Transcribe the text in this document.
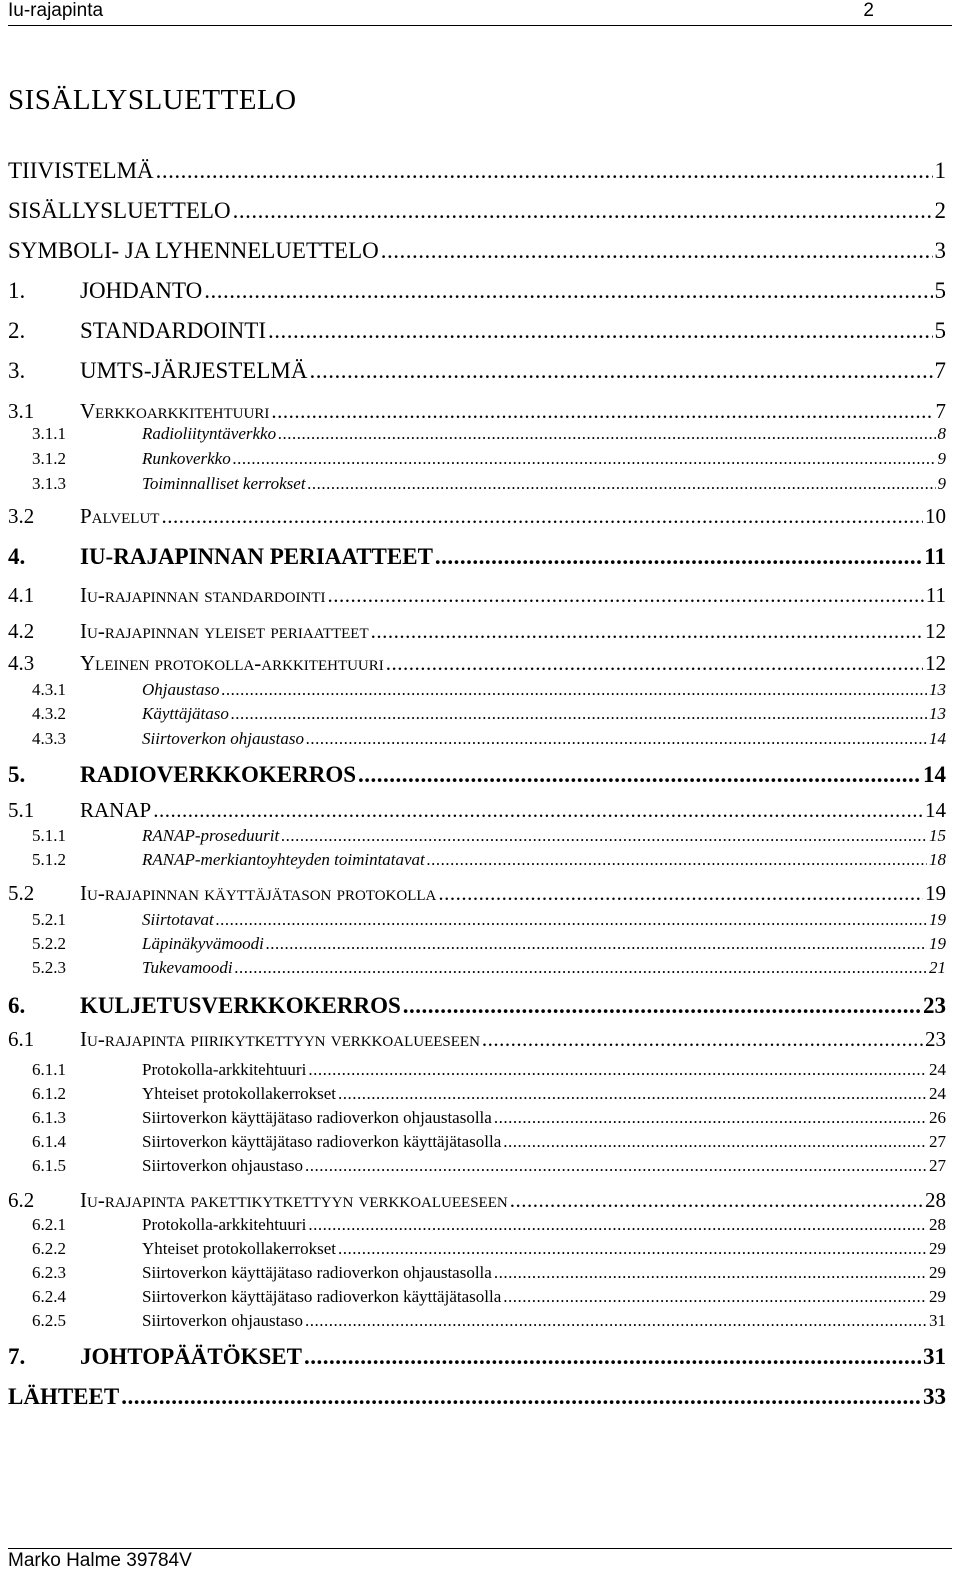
Iu-rajapinta	2
SISÄLLYSLUETTELO
TIIVISTELMÄ .....	1
SISÄLLYSLUETTELO .....	2
SYMBOLI- JA LYHENNELUETTELO .....	3
1.	JOHDANTO .....	5
2.	STANDARDOINTI .....	5
3.	UMTS-JÄRJESTELMÄ .....	7
3.1	Verkkoarkkitehtuuri .....	7
3.1.1	Radioliityntäverkko .....	8
3.1.2	Runkoverkko .....	9
3.1.3	Toiminnalliset kerrokset .....	9
3.2	Palvelut .....	10
4.	IU-RAJAPINNAN PERIAATTEET .....	11
4.1	Iu-rajapinnan standardointi .....	11
4.2	Iu-rajapinnan yleiset periaatteet .....	12
4.3	Yleinen protokolla-arkkitehtuuri .....	12
4.3.1	Ohjaustaso .....	13
4.3.2	Käyttäjätaso .....	13
4.3.3	Siirtoverkon ohjaustaso .....	14
5.	RADIOVERKKOKERROS .....	14
5.1	RANAP .....	14
5.1.1	RANAP-proseduurit .....	15
5.1.2	RANAP-merkiantoyhteyden toimintatavat .....	18
5.2	Iu-rajapinnan käyttäjätason protokolla .....	19
5.2.1	Siirtotavat .....	19
5.2.2	Läpinäkyvämoodi .....	19
5.2.3	Tukevamoodi .....	21
6.	KULJETUSVERKKOKERROS .....	23
6.1	Iu-rajapinta piirikytkettyyn verkkoalueeseen .....	23
6.1.1	Protokolla-arkkitehtuuri .....	24
6.1.2	Yhteiset protokollakerrokset .....	24
6.1.3	Siirtoverkon käyttäjätaso radioverkon ohjaustasolla .....	26
6.1.4	Siirtoverkon käyttäjätaso radioverkon käyttäjätasolla .....	27
6.1.5	Siirtoverkon ohjaustaso .....	27
6.2	Iu-rajapinta pakettikytkettyyn verkkoalueeseen .....	28
6.2.1	Protokolla-arkkitehtuuri .....	28
6.2.2	Yhteiset protokollakerrokset .....	29
6.2.3	Siirtoverkon käyttäjätaso radioverkon ohjaustasolla .....	29
6.2.4	Siirtoverkon käyttäjätaso radioverkon käyttäjätasolla .....	29
6.2.5	Siirtoverkon ohjaustaso .....	31
7.	JOHTOPÄÄTÖKSET .....	31
LÄHTEET .....	33
Marko Halme 39784V
